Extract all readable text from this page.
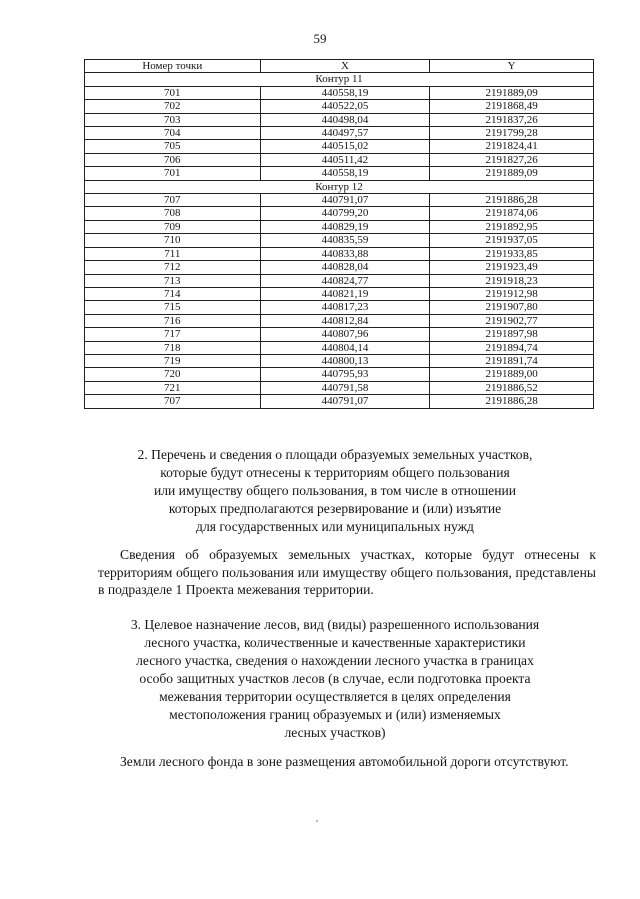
59
Номер точки	X	Y
Контур 11		
701	440558,19	2191889,09
702	440522,05	2191868,49
703	440498,04	2191837,26
704	440497,57	2191799,28
705	440515,02	2191824,41
706	440511,42	2191827,26
701	440558,19	2191889,09
Контур 12		
707	440791,07	2191886,28
708	440799,20	2191874,06
709	440829,19	2191892,95
710	440835,59	2191937,05
711	440833,88	2191933,85
712	440828,04	2191923,49
713	440824,77	2191918,23
714	440821,19	2191912,98
715	440817,23	2191907,80
716	440812,84	2191902,77
717	440807,96	2191897,98
718	440804,14	2191894,74
719	440800,13	2191891,74
720	440795,93	2191889,00
721	440791,58	2191886,52
707	440791,07	2191886,28
2. Перечень и сведения о площади образуемых земельных участков,
которые будут отнесены к территориям общего пользования
или имуществу общего пользования, в том числе в отношении
которых предполагаются резервирование и (или) изъятие
для государственных или муниципальных нужд

Сведения об образуемых земельных участках, которые будут отнесены к территориям общего пользования или имуществу общего пользования, представлены в подразделе 1 Проекта межевания территории.

3. Целевое назначение лесов, вид (виды) разрешенного использования
лесного участка, количественные и качественные характеристики
лесного участка, сведения о нахождении лесного участка в границах
особо защитных участков лесов (в случае, если подготовка проекта
межевания территории осуществляется в целях определения
местоположения границ образуемых и (или) изменяемых
лесных участков)

Земли лесного фонда в зоне размещения автомобильной дороги отсутствуют.
